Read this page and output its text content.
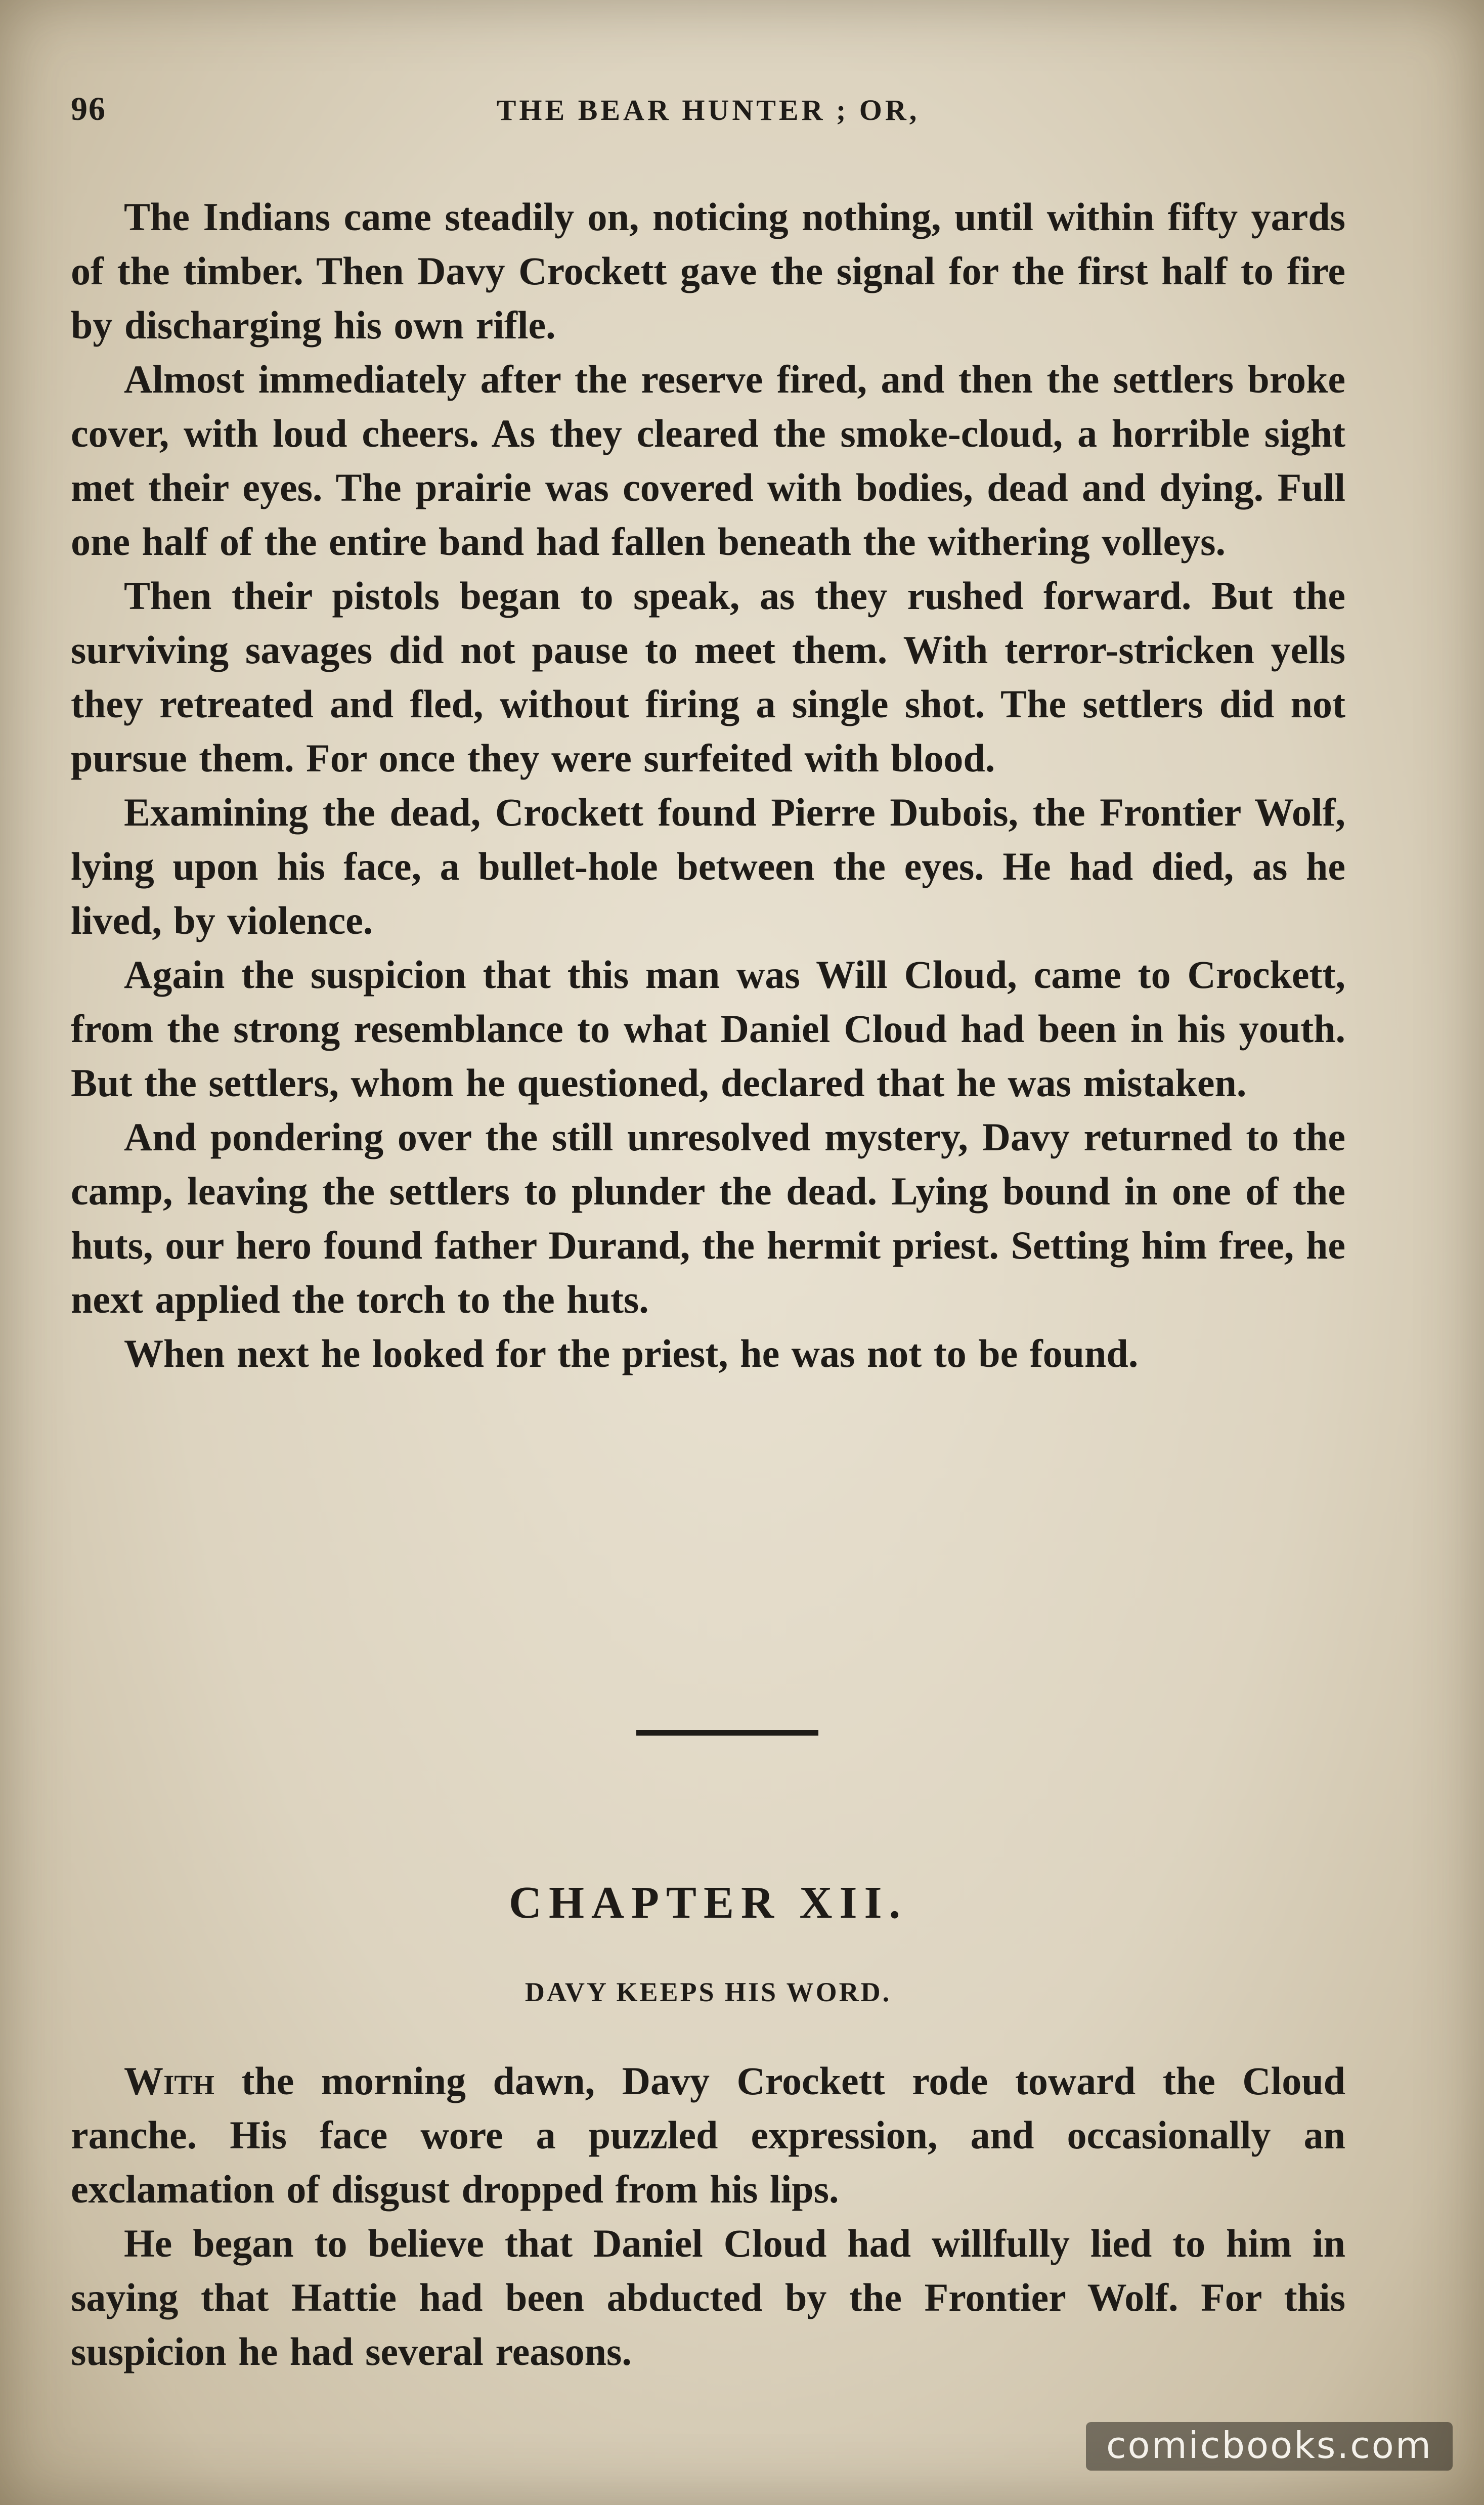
96	THE BEAR HUNTER ; OR,

The Indians came steadily on, noticing nothing, until within fifty yards of the timber. Then Davy Crockett gave the signal for the first half to fire by discharging his own rifle.

Almost immediately after the reserve fired, and then the settlers broke cover, with loud cheers. As they cleared the smoke-cloud, a horrible sight met their eyes. The prairie was covered with bodies, dead and dying. Full one half of the entire band had fallen beneath the withering volleys.

Then their pistols began to speak, as they rushed forward. But the surviving savages did not pause to meet them. With terror-stricken yells they retreated and fled, without firing a single shot. The settlers did not pursue them. For once they were surfeited with blood.

Examining the dead, Crockett found Pierre Dubois, the Frontier Wolf, lying upon his face, a bullet-hole between the eyes. He had died, as he lived, by violence.

Again the suspicion that this man was Will Cloud, came to Crockett, from the strong resemblance to what Daniel Cloud had been in his youth. But the settlers, whom he questioned, declared that he was mistaken.

And pondering over the still unresolved mystery, Davy returned to the camp, leaving the settlers to plunder the dead. Lying bound in one of the huts, our hero found father Durand, the hermit priest. Setting him free, he next applied the torch to the huts.

When next he looked for the priest, he was not to be found.

CHAPTER XII.
DAVY KEEPS HIS WORD.

With the morning dawn, Davy Crockett rode toward the Cloud ranche. His face wore a puzzled expression, and occasionally an exclamation of disgust dropped from his lips.

He began to believe that Daniel Cloud had willfully lied to him in saying that Hattie had been abducted by the Frontier Wolf. For this suspicion he had several reasons.

comicbooks.com
